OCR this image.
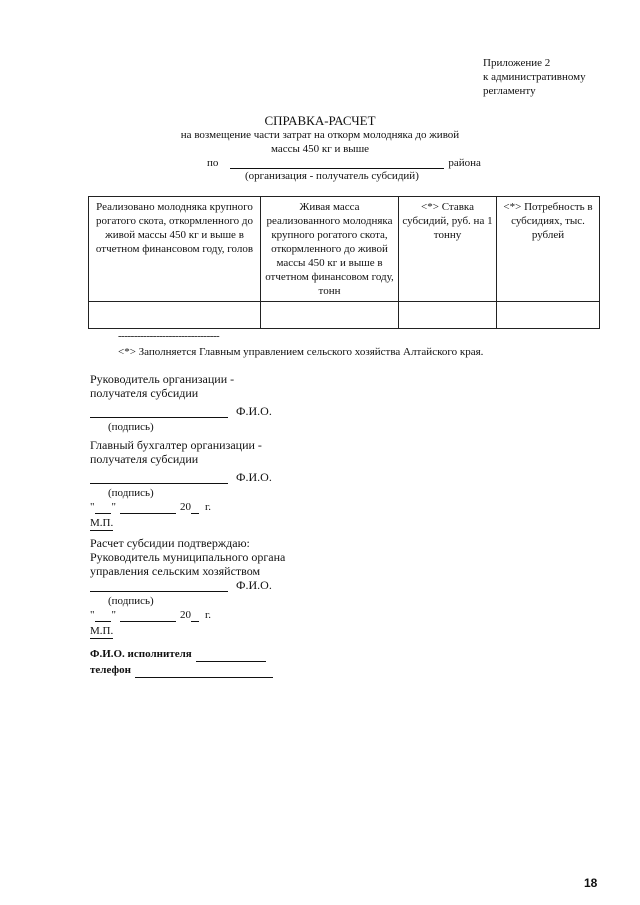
Приложение 2
к административному
регламенту
СПРАВКА-РАСЧЕТ
на возмещение части затрат на откорм молодняка до живой
массы 450 кг и выше
по	района
(организация - получатель субсидий)
Реализовано молодняка крупного рогатого скота, откормленного до живой массы 450 кг и выше в отчетном финансовом году, голов	Живая масса реализованного молодняка крупного рогатого скота, откормленного до живой массы 450 кг и выше в отчетном финансовом году, тонн	<*> Ставка субсидий, руб. на 1 тонну	<*> Потребность в субсидиях, тыс. рублей

--------------------------------
<*> Заполняется Главным управлением сельского хозяйства Алтайского края.
Руководитель организации -
получателя субсидии
Ф.И.О.
(подпись)
Главный бухгалтер организации -
получателя субсидии
Ф.И.О.
(подпись)
" "	20 г.
М.П.
Расчет субсидии подтверждаю:
Руководитель муниципального органа
управления сельским хозяйством
Ф.И.О.
(подпись)
" "	20 г.
М.П.
Ф.И.О. исполнителя
телефон
18
